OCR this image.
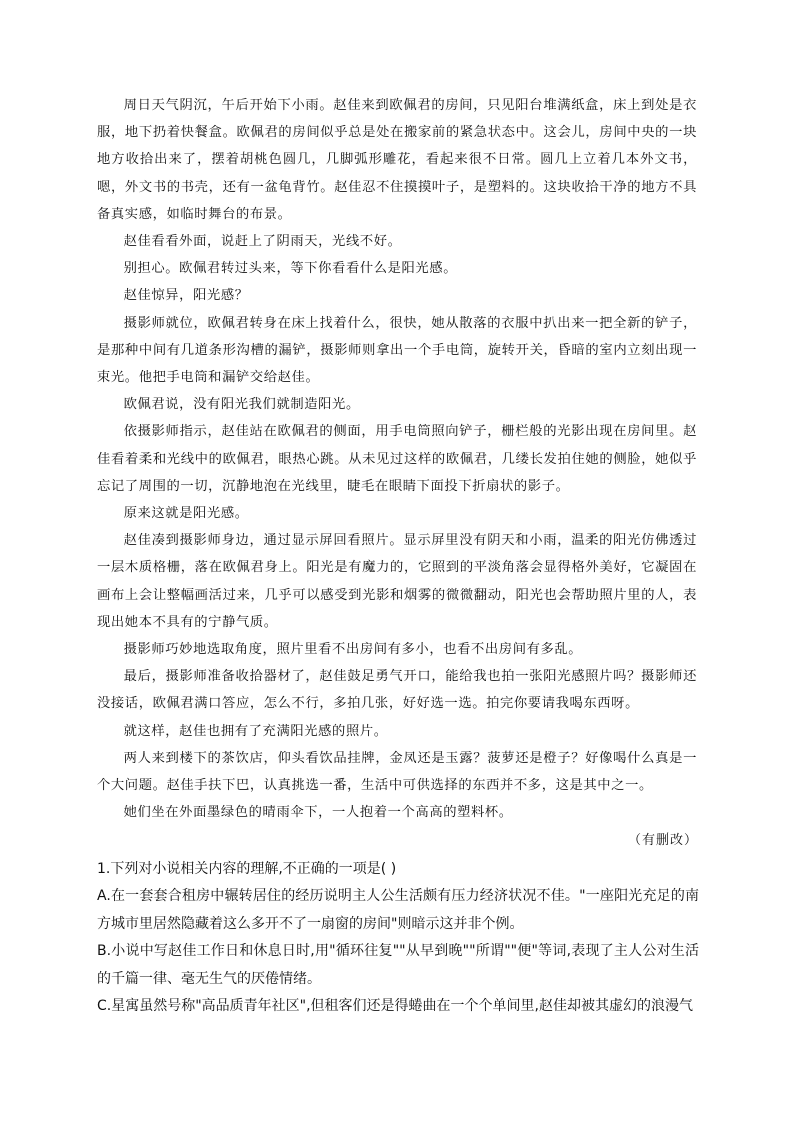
周日天气阴沉，午后开始下小雨。赵佳来到欧佩君的房间，只见阳台堆满纸盒，床上到处是衣服，地下扔着快餐盒。欧佩君的房间似乎总是处在搬家前的紧急状态中。这会儿，房间中央的一块地方收拾出来了，摆着胡桃色圆几，几脚弧形雕花，看起来很不日常。圆几上立着几本外文书，嗯，外文书的书壳，还有一盆龟背竹。赵佳忍不住摸摸叶子，是塑料的。这块收拾干净的地方不具备真实感，如临时舞台的布景。

赵佳看看外面，说赶上了阴雨天，光线不好。

别担心。欧佩君转过头来，等下你看看什么是阳光感。

赵佳惊异，阳光感？

摄影师就位，欧佩君转身在床上找着什么，很快，她从散落的衣服中扒出来一把全新的铲子，是那种中间有几道条形沟槽的漏铲，摄影师则拿出一个手电筒，旋转开关，昏暗的室内立刻出现一束光。他把手电筒和漏铲交给赵佳。

欧佩君说，没有阳光我们就制造阳光。

依摄影师指示，赵佳站在欧佩君的侧面，用手电筒照向铲子，栅栏般的光影出现在房间里。赵佳看着柔和光线中的欧佩君，眼热心跳。从未见过这样的欧佩君，几缕长发拍住她的侧脸，她似乎忘记了周围的一切，沉静地泡在光线里，睫毛在眼睛下面投下折扇状的影子。

原来这就是阳光感。

赵佳凑到摄影师身边，通过显示屏回看照片。显示屏里没有阴天和小雨，温柔的阳光仿佛透过一层木质格栅，落在欧佩君身上。阳光是有魔力的，它照到的平淡角落会显得格外美好，它凝固在画布上会让整幅画活过来，几乎可以感受到光影和烟雾的微微翻动，阳光也会帮助照片里的人，表现出她本不具有的宁静气质。

摄影师巧妙地选取角度，照片里看不出房间有多小，也看不出房间有多乱。

最后，摄影师准备收拾器材了，赵佳鼓足勇气开口，能给我也拍一张阳光感照片吗？摄影师还没接话，欧佩君满口答应，怎么不行，多拍几张，好好选一选。拍完你要请我喝东西呀。

就这样，赵佳也拥有了充满阳光感的照片。

两人来到楼下的茶饮店，仰头看饮品挂牌，金凤还是玉露？菠萝还是橙子？好像喝什么真是一个大问题。赵佳手扶下巴，认真挑选一番，生活中可供选择的东西并不多，这是其中之一。

她们坐在外面墨绿色的晴雨伞下，一人抱着一个高高的塑料杯。

（有删改）

1.下列对小说相关内容的理解,不正确的一项是( )

A.在一套套合租房中辗转居住的经历说明主人公生活颇有压力经济状况不佳。"一座阳光充足的南方城市里居然隐藏着这么多开不了一扇窗的房间"则暗示这并非个例。

B.小说中写赵佳工作日和休息日时,用"循环往复""从早到晚""所谓""便"等词,表现了主人公对生活的千篇一律、毫无生气的厌倦情绪。

C.星寓虽然号称"高品质青年社区",但租客们还是得蜷曲在一个个单间里,赵佳却被其虚幻的浪漫气
